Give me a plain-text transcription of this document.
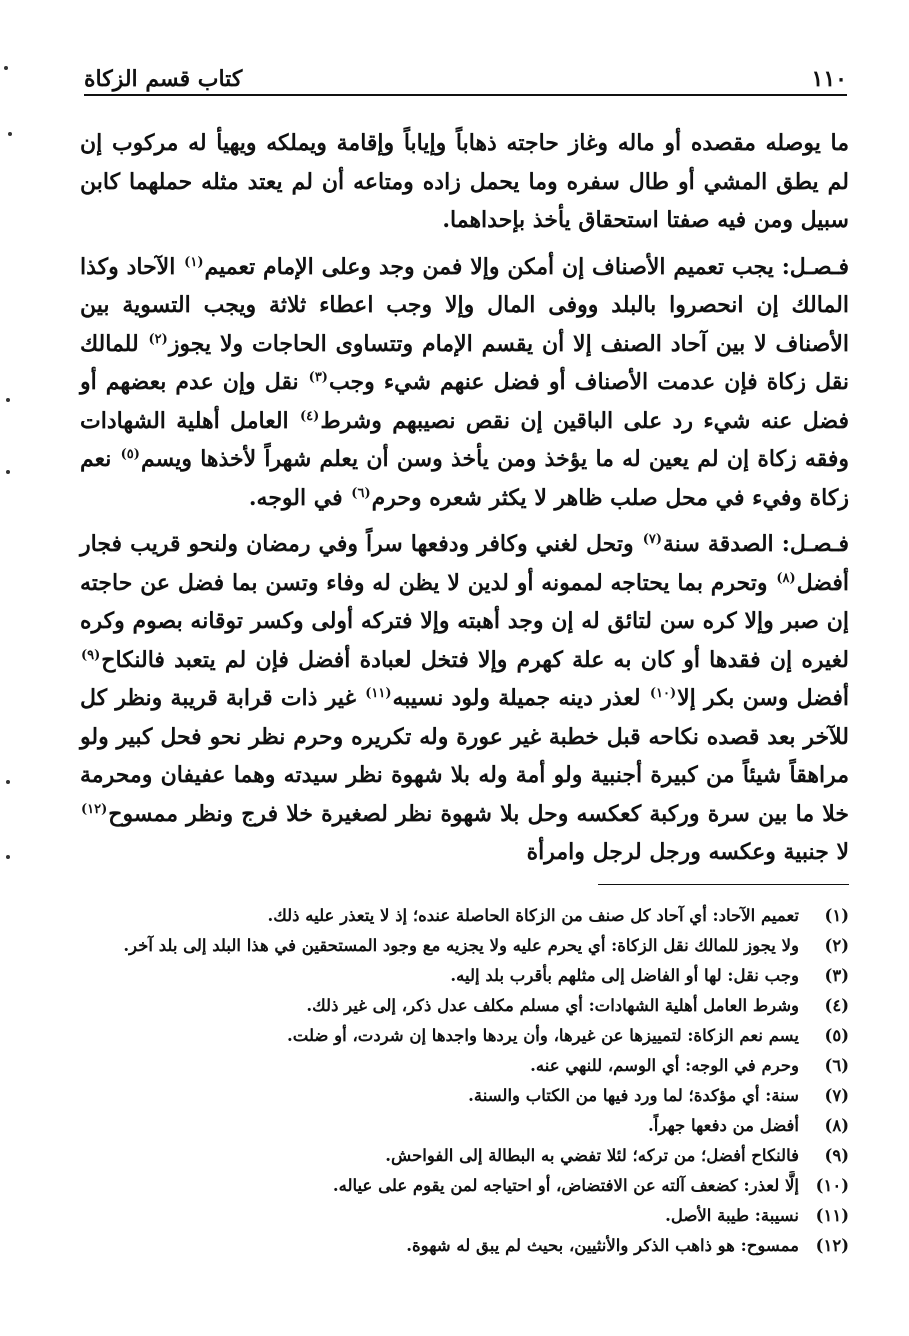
١١٠
كتاب قسم الزكاة

ما يوصله مقصده أو ماله وغاز حاجته ذهاباً وإياباً وإقامة ويملكه ويهيأ له مركوب إن لم يطق المشي أو طال سفره وما يحمل زاده ومتاعه أن لم يعتد مثله حملهما كابن سبيل ومن فيه صفتا استحقاق يأخذ بإحداهما.

فـصـل: يجب تعميم الأصناف إن أمكن وإلا فمن وجد وعلى الإمام تعميم$^{(١)}$ الآحاد وكذا المالك إن انحصروا بالبلد ووفى المال وإلا وجب اعطاء ثلاثة ويجب التسوية بين الأصناف لا بين آحاد الصنف إلا أن يقسم الإمام وتتساوى الحاجات ولا يجوز$^{(٢)}$ للمالك نقل زكاة فإن عدمت الأصناف أو فضل عنهم شيء وجب$^{(٣)}$ نقل وإن عدم بعضهم أو فضل عنه شيء رد على الباقين إن نقص نصيبهم وشرط$^{(٤)}$ العامل أهلية الشهادات وفقه زكاة إن لم يعين له ما يؤخذ ومن يأخذ وسن أن يعلم شهراً لأخذها ويسم$^{(٥)}$ نعم زكاة وفيء في محل صلب ظاهر لا يكثر شعره وحرم$^{(٦)}$ في الوجه.

فـصـل: الصدقة سنة$^{(٧)}$ وتحل لغني وكافر ودفعها سراً وفي رمضان ولنحو قريب فجار أفضل$^{(٨)}$ وتحرم بما يحتاجه لممونه أو لدين لا يظن له وفاء وتسن بما فضل عن حاجته إن صبر وإلا كره سن لتائق له إن وجد أهبته وإلا فتركه أولى وكسر توقانه بصوم وكره لغيره إن فقدها أو كان به علة كهرم وإلا فتخل لعبادة أفضل فإن لم يتعبد فالنكاح$^{(٩)}$ أفضل وسن بكر إلا$^{(١٠)}$ لعذر دينه جميلة ولود نسيبه$^{(١١)}$ غير ذات قرابة قريبة ونظر كل للآخر بعد قصده نكاحه قبل خطبة غير عورة وله تكريره وحرم نظر نحو فحل كبير ولو مراهقاً شيئاً من كبيرة أجنبية ولو أمة وله بلا شهوة نظر سيدته وهما عفيفان ومحرمة خلا ما بين سرة وركبة كعكسه وحل بلا شهوة نظر لصغيرة خلا فرج ونظر ممسوح$^{(١٢)}$ لا جنبية وعكسه ورجل لرجل وامرأة

(١)
تعميم الآحاد: أي آحاد كل صنف من الزكاة الحاصلة عنده؛ إذ لا يتعذر عليه ذلك.
(٢)
ولا يجوز للمالك نقل الزكاة: أي يحرم عليه ولا يجزيه مع وجود المستحقين في هذا البلد إلى بلد آخر.
(٣)
وجب نقل: لها أو الفاضل إلى مثلهم بأقرب بلد إليه.
(٤)
وشرط العامل أهلية الشهادات: أي مسلم مكلف عدل ذكر، إلى غير ذلك.
(٥)
يسم نعم الزكاة: لتمييزها عن غيرها، وأن يردها واجدها إن شردت، أو ضلت.
(٦)
وحرم في الوجه: أي الوسم، للنهي عنه.
(٧)
سنة: أي مؤكدة؛ لما ورد فيها من الكتاب والسنة.
(٨)
أفضل من دفعها جهراً.
(٩)
فالنكاح أفضل؛ من تركه؛ لئلا تفضي به البطالة إلى الفواحش.
(١٠)
إلَّا لعذر: كضعف آلته عن الافتضاض، أو احتياجه لمن يقوم على عياله.
(١١)
نسيبة: طيبة الأصل.
(١٢)
ممسوح: هو ذاهب الذكر والأنثيين، بحيث لم يبق له شهوة.
